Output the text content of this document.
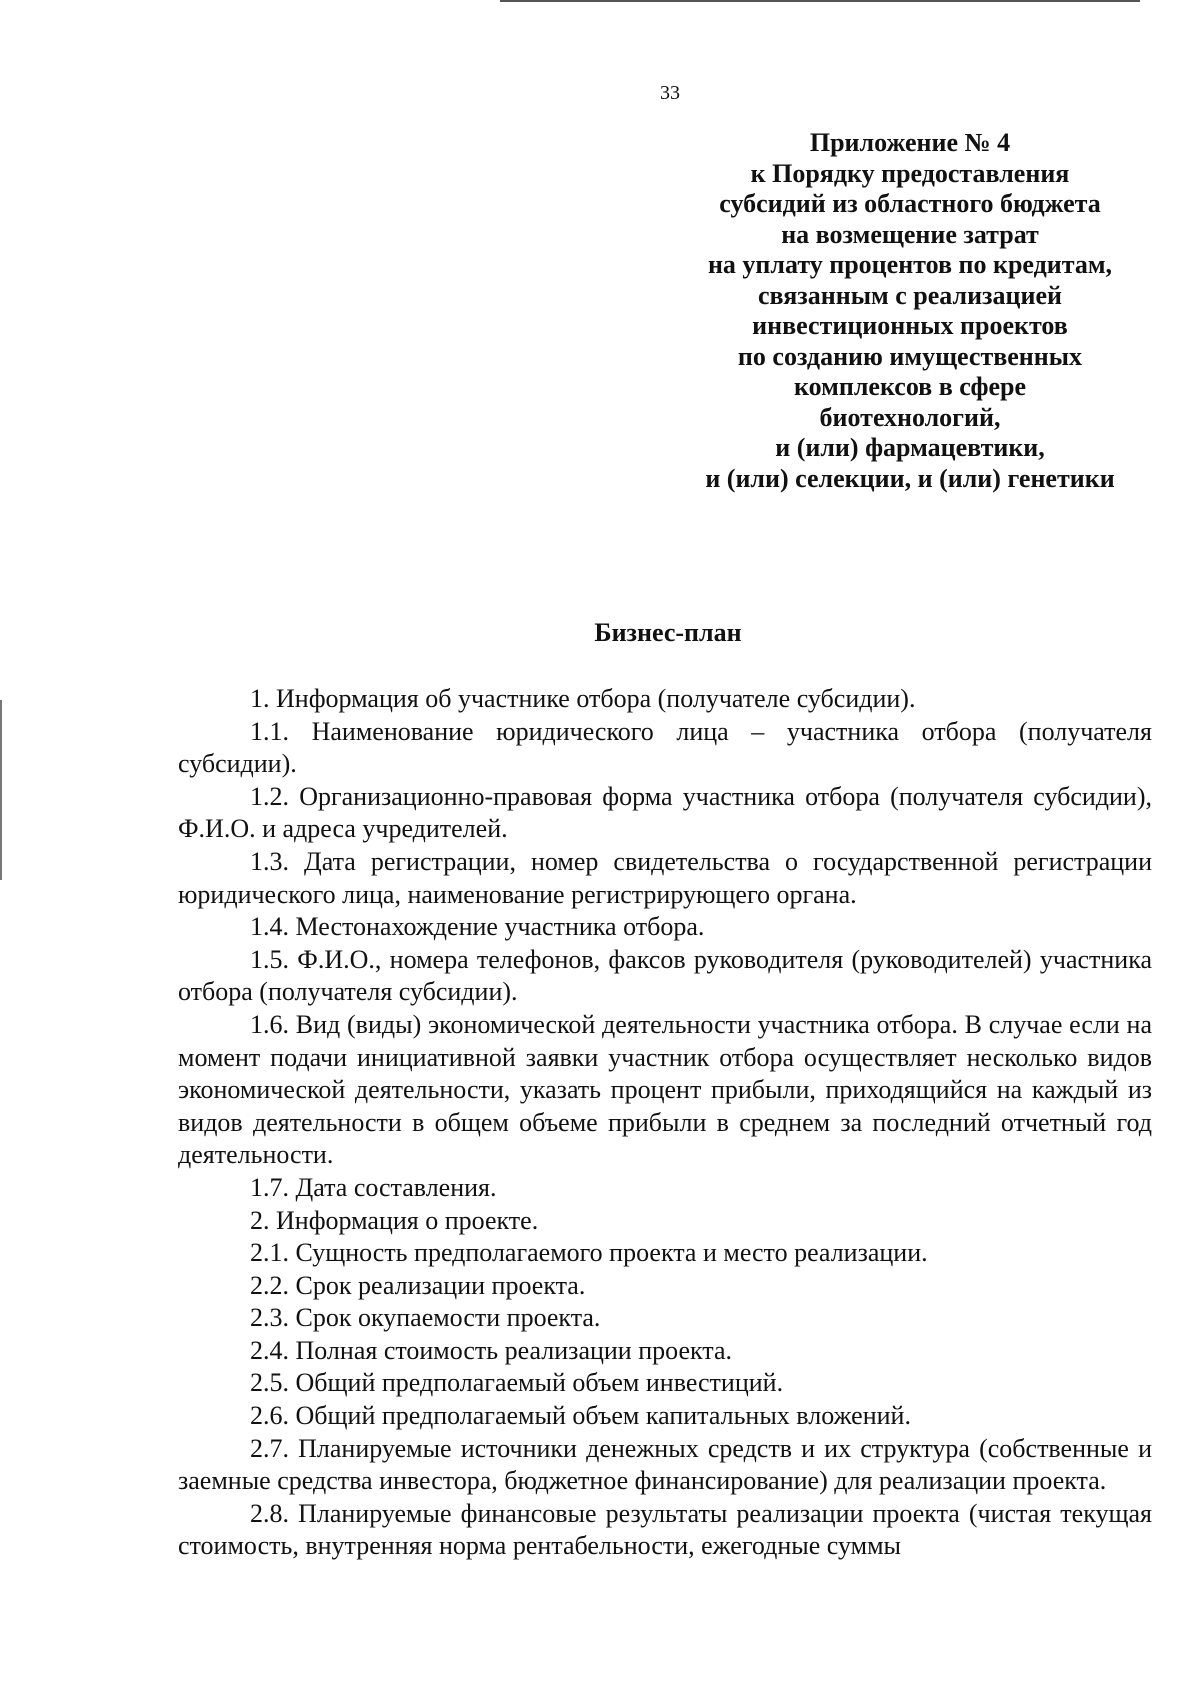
33
Приложение № 4
к Порядку предоставления
субсидий из областного бюджета
на возмещение затрат
на уплату процентов по кредитам,
связанным с реализацией
инвестиционных проектов
по созданию имущественных
комплексов в сфере
биотехнологий,
и (или) фармацевтики,
и (или) селекции, и (или) генетики
Бизнес-план

1. Информация об участнике отбора (получателе субсидии).

1.1. Наименование юридического лица – участника отбора (получателя субсидии).

1.2. Организационно-правовая форма участника отбора (получателя субсидии), Ф.И.О. и адреса учредителей.

1.3. Дата регистрации, номер свидетельства о государственной регистрации юридического лица, наименование регистрирующего органа.

1.4. Местонахождение участника отбора.

1.5. Ф.И.О., номера телефонов, факсов руководителя (руководителей) участника отбора (получателя субсидии).

1.6. Вид (виды) экономической деятельности участника отбора. В случае если на момент подачи инициативной заявки участник отбора осуществляет несколько видов экономической деятельности, указать процент прибыли, приходящийся на каждый из видов деятельности в общем объеме прибыли в среднем за последний отчетный год деятельности.

1.7. Дата составления.

2. Информация о проекте.

2.1. Сущность предполагаемого проекта и место реализации.

2.2. Срок реализации проекта.

2.3. Срок окупаемости проекта.

2.4. Полная стоимость реализации проекта.

2.5. Общий предполагаемый объем инвестиций.

2.6. Общий предполагаемый объем капитальных вложений.

2.7. Планируемые источники денежных средств и их структура (собственные и заемные средства инвестора, бюджетное финансирование) для реализации проекта.

2.8. Планируемые финансовые результаты реализации проекта (чистая текущая стоимость, внутренняя норма рентабельности, ежегодные суммы
